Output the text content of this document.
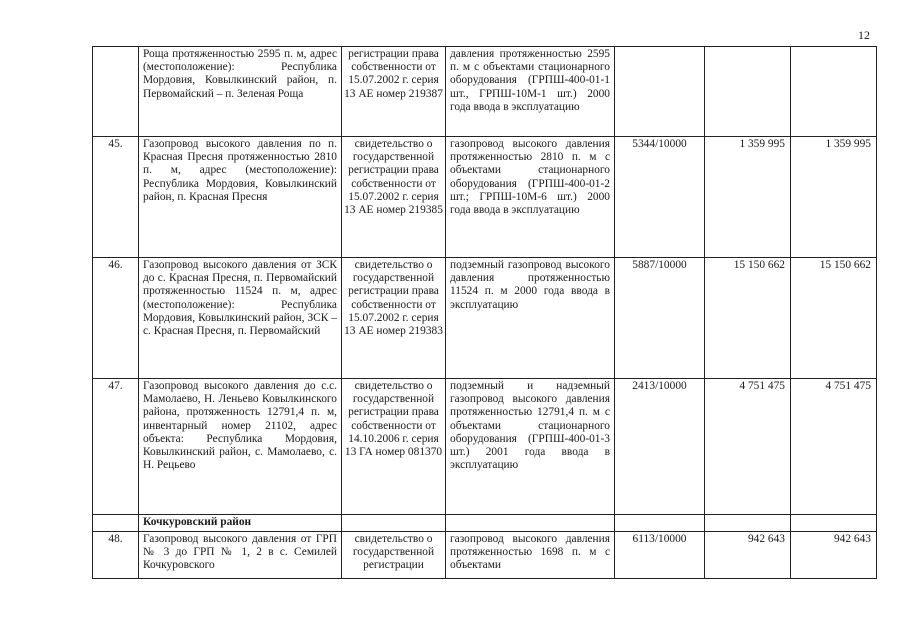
12
	Роща протяженностью 2595 п. м, адрес (местоположение): Республика Мордовия, Ковылкинский район, п. Первомайский – п. Зеленая Роща	регистрации права собственности от 15.07.2002 г. серия 13 АЕ номер 219387	давления протяженностью 2595 п. м с объектами стационарного оборудования (ГРПШ-400-01-1 шт., ГРПШ-10М-1 шт.) 2000 года ввода в эксплуатацию			
45.	Газопровод высокого давления по п. Красная Пресня протяженностью 2810 п. м, адрес (местоположение): Республика Мордовия, Ковылкинский район, п. Красная Пресня	свидетельство о государственной регистрации права собственности от 15.07.2002 г. серия 13 АЕ номер 219385	газопровод высокого давления протяженностью 2810 п. м с объектами стационарного оборудования (ГРПШ-400-01-2 шт.; ГРПШ-10М-6 шт.) 2000 года ввода в эксплуатацию	5344/10000	1 359 995	1 359 995
46.	Газопровод высокого давления от ЗСК до с. Красная Пресня, п. Первомайский протяженностью 11524 п. м, адрес (местоположение): Республика Мордовия, Ковылкинский район, ЗСК – с. Красная Пресня, п. Первомайский	свидетельство о государственной регистрации права собственности от 15.07.2002 г. серия 13 АЕ номер 219383	подземный газопровод высокого давления протяженностью 11524 п. м 2000 года ввода в эксплуатацию	5887/10000	15 150 662	15 150 662
47.	Газопровод высокого давления до с.с. Мамолаево, Н. Леньево Ковылкинского района, протяженность 12791,4 п. м, инвентарный номер 21102, адрес объекта: Республика Мордовия, Ковылкинский район, с. Мамолаево, с. Н. Рецьево	свидетельство о государственной регистрации права собственности от 14.10.2006 г. серия 13 ГА номер 081370	подземный и надземный газопровод высокого давления протяженностью 12791,4 п. м с объектами стационарного оборудования (ГРПШ-400-01-3 шт.) 2001 года ввода в эксплуатацию	2413/10000	4 751 475	4 751 475
	Кочкуровский район					
48.	Газопровод высокого давления от ГРП № 3 до ГРП № 1, 2 в с. Семилей Кочкуровского	свидетельство о государственной регистрации	газопровод высокого давления протяженностью 1698 п. м с объектами	6113/10000	942 643	942 643
